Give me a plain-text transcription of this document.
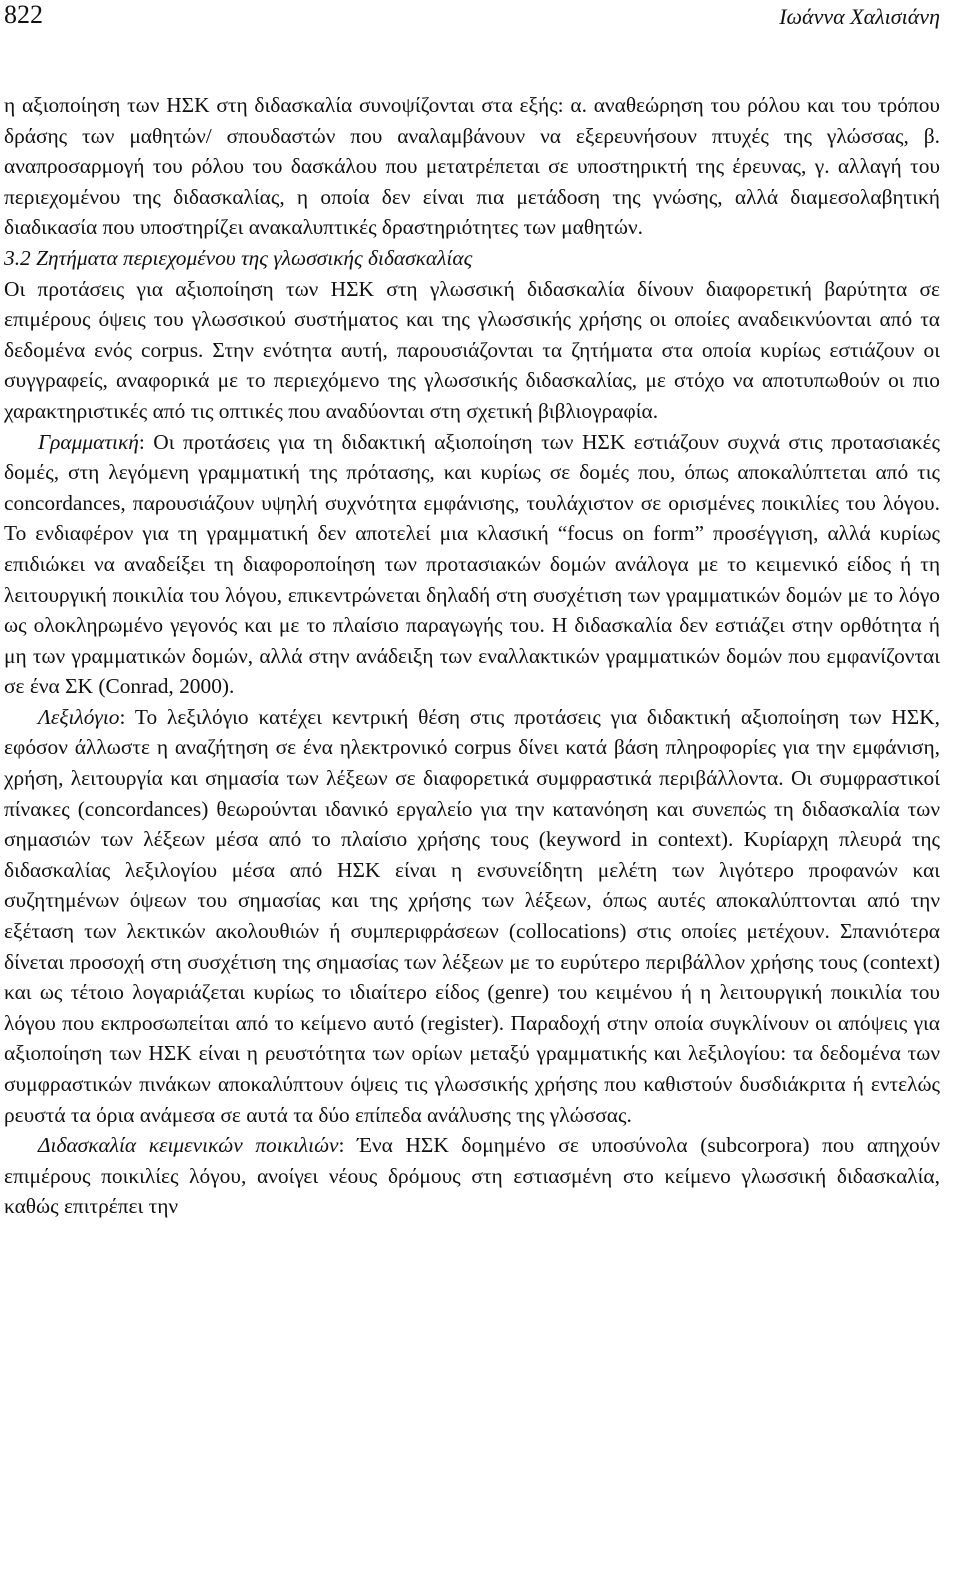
822	Ιωάννα Χαλισιάνη

η αξιοποίηση των ΗΣΚ στη διδασκαλία συνοψίζονται στα εξής: α. αναθεώρηση του ρόλου και του τρόπου δράσης των μαθητών/ σπουδαστών που αναλαμβάνουν να εξερευνήσουν πτυχές της γλώσσας, β. αναπροσαρμογή του ρόλου του δασκάλου που μετατρέπεται σε υποστηρικτή της έρευνας, γ. αλλαγή του περιεχομένου της διδασκαλίας, η οποία δεν είναι πια μετάδοση της γνώσης, αλλά διαμεσολαβητική διαδικασία που υποστηρίζει ανακαλυπτικές δραστηριότητες των μαθητών.

3.2 Ζητήματα περιεχομένου της γλωσσικής διδασκαλίας

Οι προτάσεις για αξιοποίηση των ΗΣΚ στη γλωσσική διδασκαλία δίνουν διαφορετική βαρύτητα σε επιμέρους όψεις του γλωσσικού συστήματος και της γλωσσικής χρήσης οι οποίες αναδεικνύονται από τα δεδομένα ενός corpus. Στην ενότητα αυτή, παρουσιάζονται τα ζητήματα στα οποία κυρίως εστιάζουν οι συγγραφείς, αναφορικά με το περιεχόμενο της γλωσσικής διδασκαλίας, με στόχο να αποτυπωθούν οι πιο χαρακτηριστικές από τις οπτικές που αναδύονται στη σχετική βιβλιογραφία.

Γραμματική: Οι προτάσεις για τη διδακτική αξιοποίηση των ΗΣΚ εστιάζουν συχνά στις προτασιακές δομές, στη λεγόμενη γραμματική της πρότασης, και κυρίως σε δομές που, όπως αποκαλύπτεται από τις concordances, παρουσιάζουν υψηλή συχνότητα εμφάνισης, τουλάχιστον σε ορισμένες ποικιλίες του λόγου. Το ενδιαφέρον για τη γραμματική δεν αποτελεί μια κλασική “focus on form” προσέγγιση, αλλά κυρίως επιδιώκει να αναδείξει τη διαφοροποίηση των προτασιακών δομών ανάλογα με το κειμενικό είδος ή τη λειτουργική ποικιλία του λόγου, επικεντρώνεται δηλαδή στη συσχέτιση των γραμματικών δομών με το λόγο ως ολοκληρωμένο γεγονός και με το πλαίσιο παραγωγής του. Η διδασκαλία δεν εστιάζει στην ορθότητα ή μη των γραμματικών δομών, αλλά στην ανάδειξη των εναλλακτικών γραμματικών δομών που εμφανίζονται σε ένα ΣΚ (Conrad, 2000).

Λεξιλόγιο: Το λεξιλόγιο κατέχει κεντρική θέση στις προτάσεις για διδακτική αξιοποίηση των ΗΣΚ, εφόσον άλλωστε η αναζήτηση σε ένα ηλεκτρονικό corpus δίνει κατά βάση πληροφορίες για την εμφάνιση, χρήση, λειτουργία και σημασία των λέξεων σε διαφορετικά συμφραστικά περιβάλλοντα. Οι συμφραστικοί πίνακες (concordances) θεωρούνται ιδανικό εργαλείο για την κατανόηση και συνεπώς τη διδασκαλία των σημασιών των λέξεων μέσα από το πλαίσιο χρήσης τους (keyword in context). Κυρίαρχη πλευρά της διδασκαλίας λεξιλογίου μέσα από ΗΣΚ είναι η ενσυνείδητη μελέτη των λιγότερο προφανών και συζητημένων όψεων του σημασίας και της χρήσης των λέξεων, όπως αυτές αποκαλύπτονται από την εξέταση των λεκτικών ακολουθιών ή συμπεριφράσεων (collocations) στις οποίες μετέχουν. Σπανιότερα δίνεται προσοχή στη συσχέτιση της σημασίας των λέξεων με το ευρύτερο περιβάλλον χρήσης τους (context) και ως τέτοιο λογαριάζεται κυρίως το ιδιαίτερο είδος (genre) του κειμένου ή η λειτουργική ποικιλία του λόγου που εκπροσωπείται από το κείμενο αυτό (register). Παραδοχή στην οποία συγκλίνουν οι απόψεις για αξιοποίηση των ΗΣΚ είναι η ρευστότητα των ορίων μεταξύ γραμματικής και λεξιλογίου: τα δεδομένα των συμφραστικών πινάκων αποκαλύπτουν όψεις τις γλωσσικής χρήσης που καθιστούν δυσδιάκριτα ή εντελώς ρευστά τα όρια ανάμεσα σε αυτά τα δύο επίπεδα ανάλυσης της γλώσσας.

Διδασκαλία κειμενικών ποικιλιών: Ένα ΗΣΚ δομημένο σε υποσύνολα (subcorpora) που απηχούν επιμέρους ποικιλίες λόγου, ανοίγει νέους δρόμους στη εστιασμένη στο κείμενο γλωσσική διδασκαλία, καθώς επιτρέπει την
